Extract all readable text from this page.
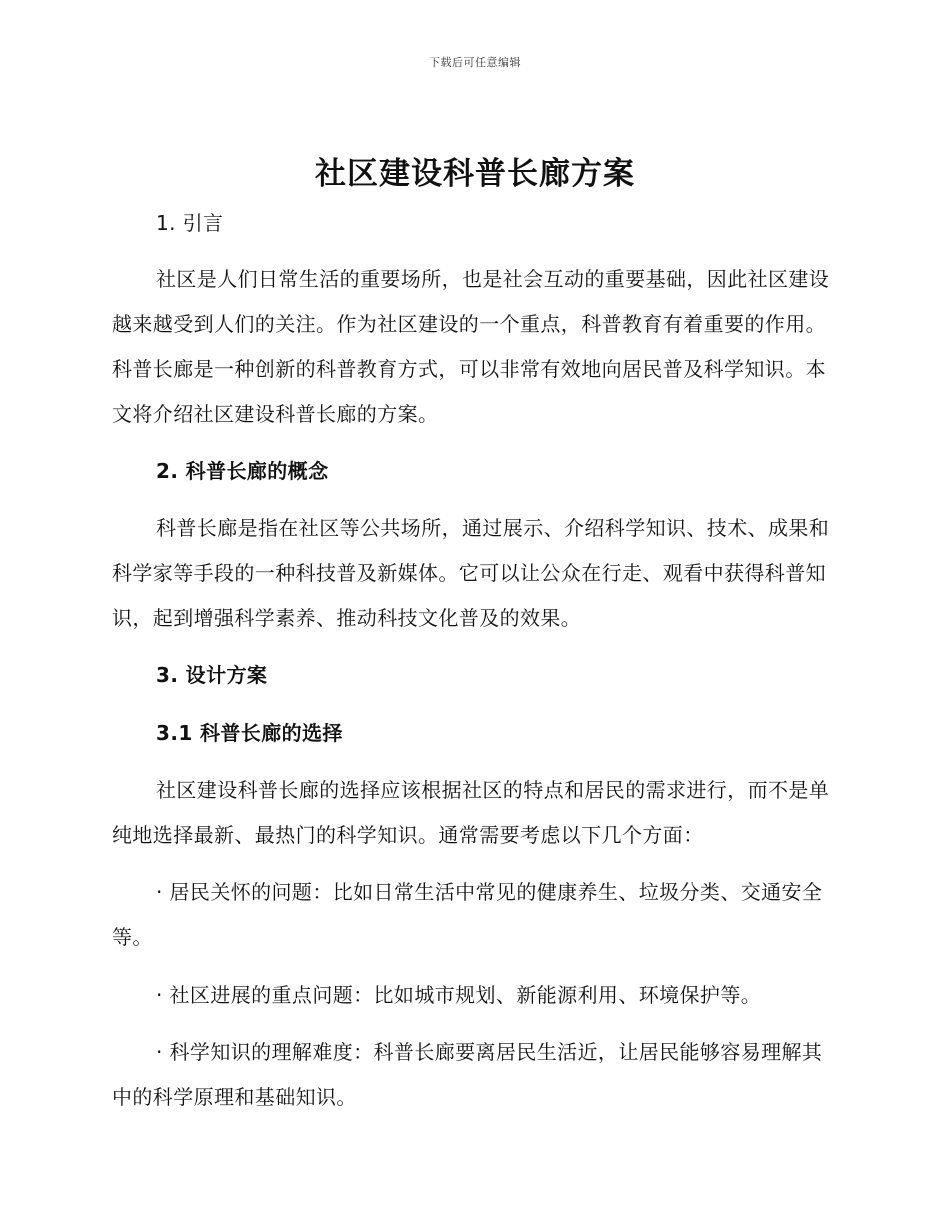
下载后可任意编辑
社区建设科普长廊方案
1. 引言
社区是人们日常生活的重要场所，也是社会互动的重要基础，因此社区建设越来越受到人们的关注。作为社区建设的一个重点，科普教育有着重要的作用。科普长廊是一种创新的科普教育方式，可以非常有效地向居民普及科学知识。本文将介绍社区建设科普长廊的方案。
2. 科普长廊的概念
科普长廊是指在社区等公共场所，通过展示、介绍科学知识、技术、成果和科学家等手段的一种科技普及新媒体。它可以让公众在行走、观看中获得科普知识，起到增强科学素养、推动科技文化普及的效果。
3. 设计方案
3.1 科普长廊的选择
社区建设科普长廊的选择应该根据社区的特点和居民的需求进行，而不是单纯地选择最新、最热门的科学知识。通常需要考虑以下几个方面：
· 居民关怀的问题：比如日常生活中常见的健康养生、垃圾分类、交通安全等。
· 社区进展的重点问题：比如城市规划、新能源利用、环境保护等。
· 科学知识的理解难度：科普长廊要离居民生活近，让居民能够容易理解其中的科学原理和基础知识。
